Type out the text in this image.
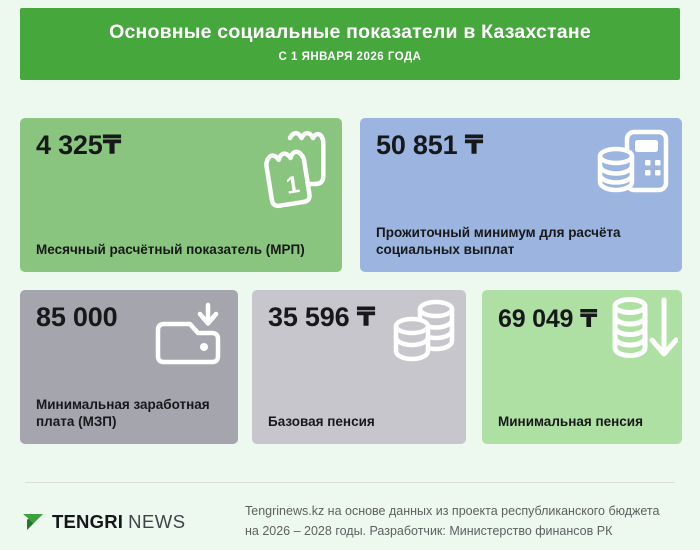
Основные социальные показатели в Казахстане
С 1 ЯНВАРЯ 2026 ГОДА
4 325₸
1
Месячный расчётный показатель (МРП)
50 851 ₸
Прожиточный минимум для расчёта социальных выплат
85 000
Минимальная заработная плата (МЗП)
35 596 ₸
Базовая пенсия
69 049 ₸
Минимальная пенсия
TENGRI NEWS	Tengrinews.kz на основе данных из проекта республиканского бюджета
на 2026 – 2028 годы. Разработчик: Министерство финансов РК
